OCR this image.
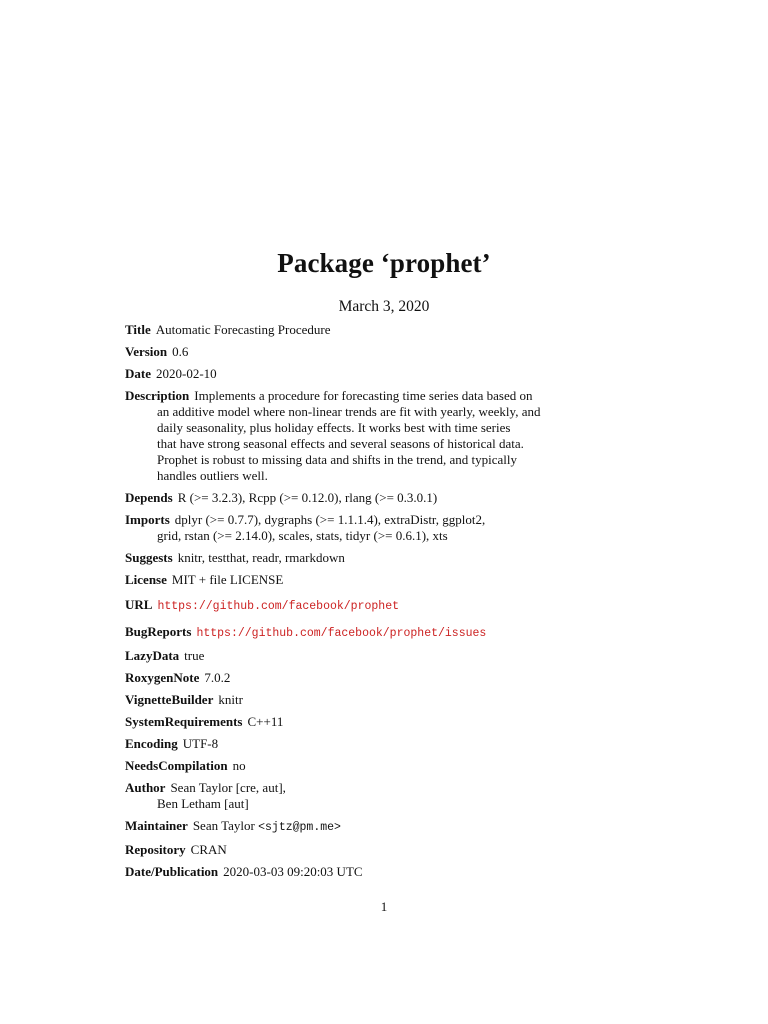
Package ‘prophet’
March 3, 2020
Title Automatic Forecasting Procedure
Version 0.6
Date 2020-02-10
Description Implements a procedure for forecasting time series data based on
an additive model where non-linear trends are fit with yearly, weekly, and
daily seasonality, plus holiday effects. It works best with time series
that have strong seasonal effects and several seasons of historical data.
Prophet is robust to missing data and shifts in the trend, and typically
handles outliers well.
Depends R (>= 3.2.3), Rcpp (>= 0.12.0), rlang (>= 0.3.0.1)
Imports dplyr (>= 0.7.7), dygraphs (>= 1.1.1.4), extraDistr, ggplot2,
grid, rstan (>= 2.14.0), scales, stats, tidyr (>= 0.6.1), xts
Suggests knitr, testthat, readr, rmarkdown
License MIT + file LICENSE
URL https://github.com/facebook/prophet
BugReports https://github.com/facebook/prophet/issues
LazyData true
RoxygenNote 7.0.2
VignetteBuilder knitr
SystemRequirements C++11
Encoding UTF-8
NeedsCompilation no
Author Sean Taylor [cre, aut],
Ben Letham [aut]
Maintainer Sean Taylor <sjtz@pm.me>
Repository CRAN
Date/Publication 2020-03-03 09:20:03 UTC
1
